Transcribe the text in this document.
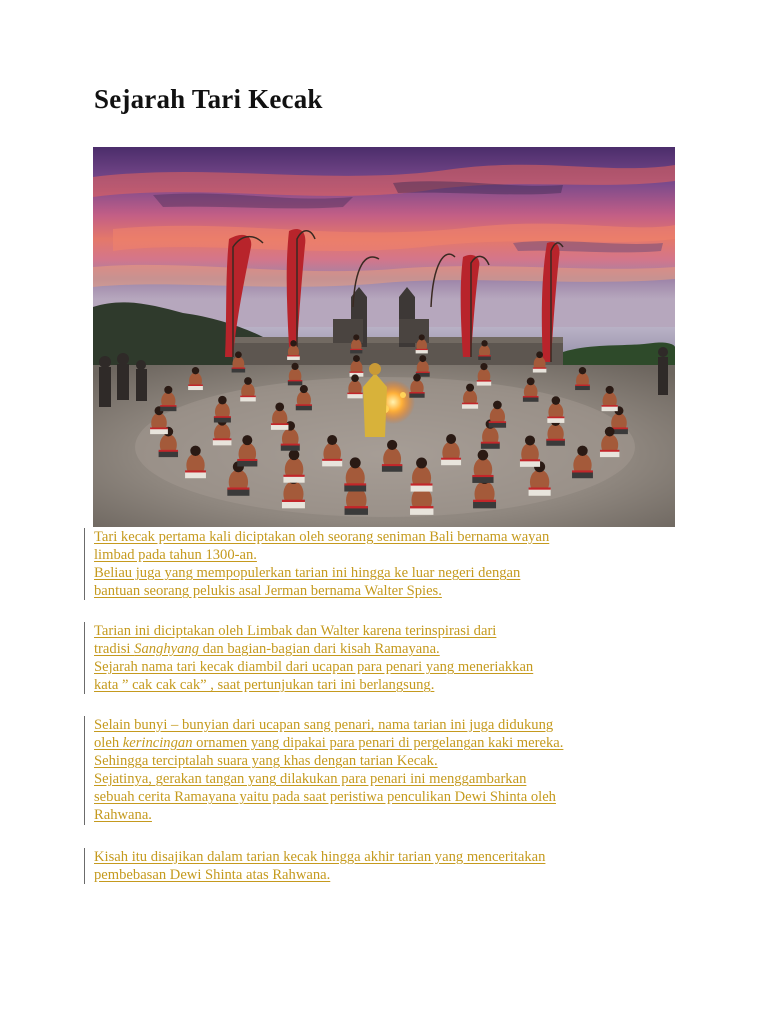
Sejarah Tari Kecak
Tari kecak pertama kali diciptakan oleh seorang seniman Bali bernama wayan
limbad pada tahun 1300-an.
Beliau juga yang mempopulerkan tarian ini hingga ke luar negeri dengan
bantuan seorang pelukis asal Jerman bernama Walter Spies.
Tarian ini diciptakan oleh Limbak dan Walter karena terinspirasi dari
tradisi Sanghyang dan bagian-bagian dari kisah Ramayana.
Sejarah nama tari kecak diambil dari ucapan para penari yang meneriakkan
kata ” cak cak cak” , saat pertunjukan tari ini berlangsung.
Selain bunyi – bunyian dari ucapan sang penari, nama tarian ini juga didukung
oleh kerincingan ornamen yang dipakai para penari di pergelangan kaki mereka.
Sehingga terciptalah suara yang khas dengan tarian Kecak.
Sejatinya, gerakan tangan yang dilakukan para penari ini menggambarkan
sebuah cerita Ramayana yaitu pada saat peristiwa penculikan Dewi Shinta oleh
Rahwana.
Kisah itu disajikan dalam tarian kecak hingga akhir tarian yang menceritakan
pembebasan Dewi Shinta atas Rahwana.
